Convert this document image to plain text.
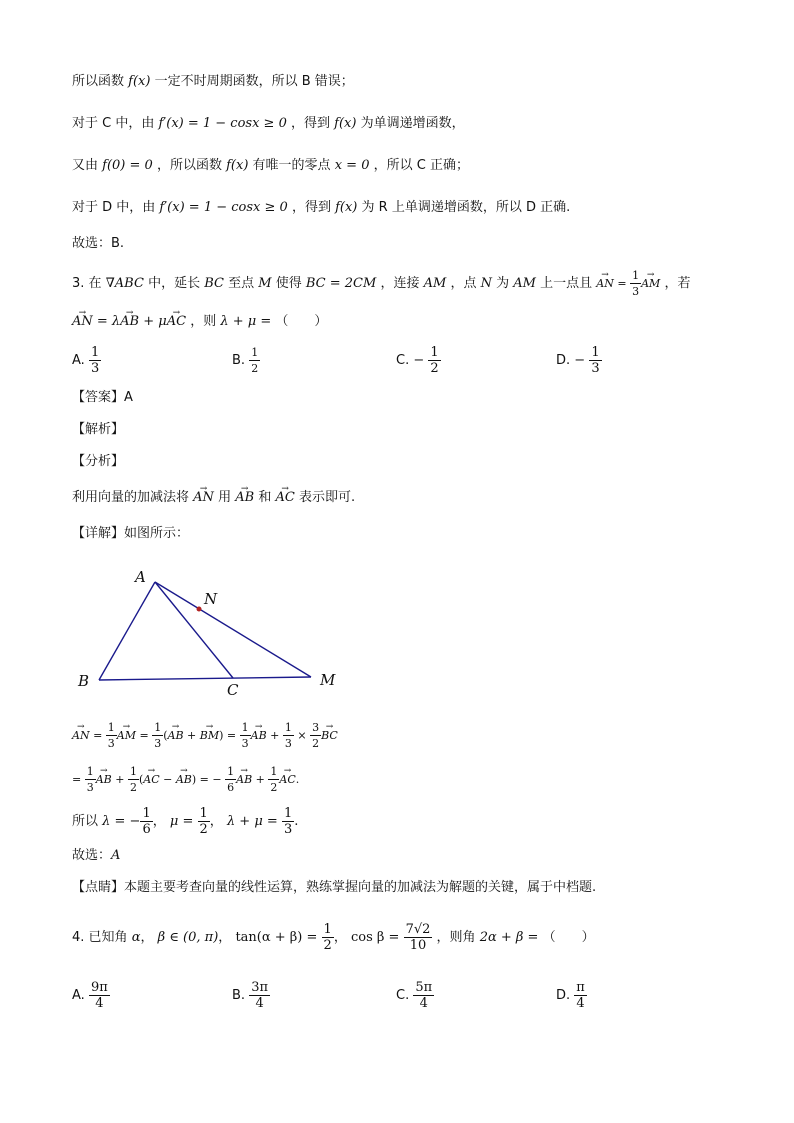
所以函数 f(x) 一定不时周期函数，所以 B 错误；
对于 C 中，由 f′(x) = 1 − cosx ≥ 0 ，得到 f(x) 为单调递增函数，
又由 f(0) = 0 ，所以函数 f(x) 有唯一的零点 x = 0 ，所以 C 正确；
对于 D 中，由 f′(x) = 1 − cosx ≥ 0 ，得到 f(x) 为 R 上单调递增函数，所以 D 正确.
故选：B.
3. 在 ∇ABC 中，延长 BC 至点 M 使得 BC = 2CM ，连接 AM ，点 N 为 AM 上一点且 → AN = $\frac{1}{3}$ → AM ，若
→ AN = λ→ AB + μ→ AC ，则 λ + μ = （　　）
A. $\frac{1}{3}$	B. $\frac{1}{2}$	C. − $\frac{1}{2}$	D. − $\frac{1}{3}$
【答案】A
【解析】
【分析】
利用向量的加减法将 → AN 用 → AB 和 → AC 表示即可.
【详解】如图所示：
A
B	C
M
N
→ AN = $\frac{1}{3}$ → AM = $\frac{1}{3}$ (→ AB + → $BM) = \frac{1}{3}$ → AB + $\frac{1}{3} \times \frac{3}{2}$ → BC
= $\frac{1}{3}$ → AB + $\frac{1}{2}$ (→ AC − → AB) = − $\frac{1}{6}$ → AB + $\frac{1}{2}$ → AC.
所以 λ = − $\frac{1}{6}$ ， $\mu = \frac{1}{2}$ ， $\lambda + \mu = \frac{1}{3}$ .
故选：A
【点睛】本题主要考查向量的线性运算，熟练掌握向量的加减法为解题的关键，属于中档题.
4. 已知角 α， β ∈ (0, π)， $\tan(\alpha + \beta) = \frac{1}{2}$ ， $\cos \beta = \frac{7√2}{10}$ ，则角 2α + β = （　　）
A. $\frac{9\pi}{4}$	B. $\frac{3\pi}{4}$	C. $\frac{5\pi}{4}$	D. $\frac{\pi}{4}$
